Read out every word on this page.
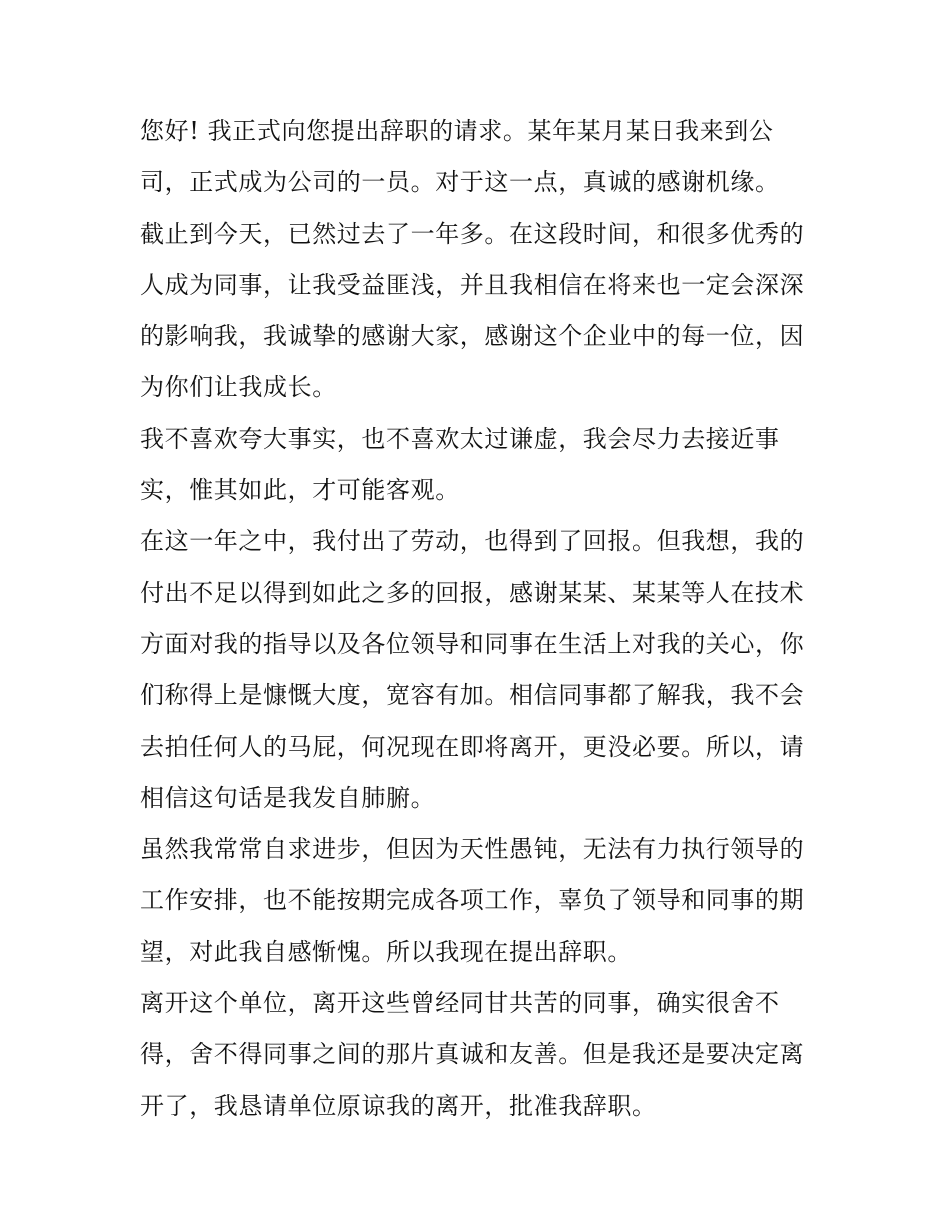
您好! 我正式向您提出辞职的请求。某年某月某日我来到公
司，正式成为公司的一员。对于这一点，真诚的感谢机缘。
截止到今天，已然过去了一年多。在这段时间，和很多优秀的
人成为同事，让我受益匪浅，并且我相信在将来也一定会深深
的影响我，我诚挚的感谢大家，感谢这个企业中的每一位，因
为你们让我成长。
我不喜欢夸大事实，也不喜欢太过谦虚，我会尽力去接近事
实，惟其如此，才可能客观。
在这一年之中，我付出了劳动，也得到了回报。但我想，我的
付出不足以得到如此之多的回报，感谢某某、某某等人在技术
方面对我的指导以及各位领导和同事在生活上对我的关心，你
们称得上是慷慨大度，宽容有加。相信同事都了解我，我不会
去拍任何人的马屁，何况现在即将离开，更没必要。所以，请
相信这句话是我发自肺腑。
虽然我常常自求进步，但因为天性愚钝，无法有力执行领导的
工作安排，也不能按期完成各项工作，辜负了领导和同事的期
望，对此我自感惭愧。所以我现在提出辞职。
离开这个单位，离开这些曾经同甘共苦的同事，确实很舍不
得，舍不得同事之间的那片真诚和友善。但是我还是要决定离
开了，我恳请单位原谅我的离开，批准我辞职。
